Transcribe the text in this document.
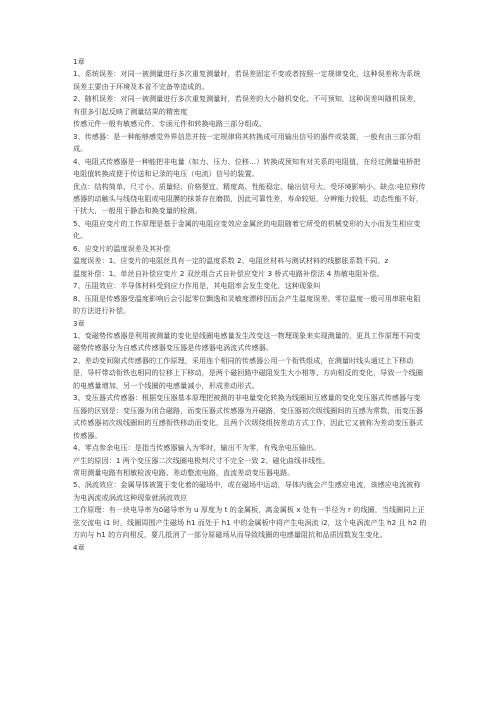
1章

1、系统误差：对同一被测量进行多次重复测量时，若误差固定不变或者按照一定规律变化，这种误差称为系统误差主要由于环境及本省不完备等造成的。

2、随机误差：对同一被测量进行多次重复测量时，若误差的大小随机变化、不可预知，这种误差叫随机误差，有很多引起反映了测量结果的精密度

传感元件一般有敏感元件、专函元件和转换电路三部分组成。

3、传感器：是一种能够感觉外界信息并按一定规律将其转换成可用输出信号的器件或装置，一般有由三部分组成。

4、电阻式传感器是一种能把非电量（如力、压力、位移…）转换成预知有对关系的电阻值，在经过测量电桥把电阻值转换成便于传送和记录的电压（电流）信号的装置。

优点：结构简单、尺寸小、质量轻、价格便宜、精度高、性能稳定、输出信号大、受环境影响小。缺点:电位移传感器的动触头与线绕电阻或电阻膜的抹茶存在磨损，因此可靠性差，寿命较短，分辨能力较低，动态性能不好，干扰大，一般用于静态和换变量的检测。

5、电阻应变片的工作原理是基于金属的电阻应变效应金属丝的电阻随着它所受的机械变形的大小而发生相应变化。

6、应变片的温度误差及其补偿

温度误差：1、应变片的电阻丝具有一定的温度系数 2、电阻丝材料与测试材料的线膨胀系数不同。z

温度补偿：1、单丝自补偿应变片 2 双丝组合式自补偿应变片 3 桥式电路补偿法 4 热敏电阻补偿。

7、压阻效应：半导体材料受到应力作用是，其电阻率会发生变化，这种现象叫

8、压阻是传感器受温度影响后会引起零位飘逸和灵敏度漂移因而会产生温度误差。零位温度一般可用串联电阻的方法进行补偿。

3章

1、变磁势传感器是利用被测量的变化是线圈电感量发生改变这一物理现象来实现测量的，更具工作原理不同变磁势传感器分为自感式传感器变压器是传感器电涡流式传感器。

2、差动变间隙式传感器的工作原理，采用连个相同的传感器公用一个衔铁组成，在测量时线头通过上下移动是，导杆带动衔铁也相同的位移上下移动，是两个磁回路中磁阻发生大小相等、方向相反的变化，导致一个线圈的电感量增加，另一个线圈的电感量减小，形成差动形式。

3、变压器式传感器：根据变压器基本原理把被测的非电量变化转换为线圈间互感量的变化变压器式传感器与变压器的区别是：变压器为闭合磁路，而变压器式传感器为开磁路，变压器初次级线圈间的互感为常数，而变压器式传感器初次级线圈间的互感衔铁移动而变化，且两个次级绕组按差动方式工作，因此它又被称为差动变压器式传感器。

4、零点参余电压：是指当传感器输入为零时，输出不为零，有残余电压输出。

产生的原因：1 两个变压器二次线圈电极判尺寸不完全一致 2、磁化曲线非线性。

常用测量电路有相敏检波电路、差动整流电路，直流差动变压器电路。

5、涡流效应：金属导体被置于变化着的磁场中，或在磁场中运动，导体内就会产生感应电流，该感应电流被称为电涡流或涡流这种现象就涡流效应

工作原理：有一块电导率为δ磁导率为 u 厚度为 t 的金属板，离金属板 x 处有一半径为 r 的线圈，当线圈同上正弦交流电 i1 时，线圈周围产生磁场 h1 而处于 h1 中的金属板中将产生电涡流 i2，这个电涡流产生 h2 且 h2 的方向与 h1 的方向相反，要几抵消了一部分原磁场从而导致线圈的电感量阻抗和品质因数发生变化。

4章
